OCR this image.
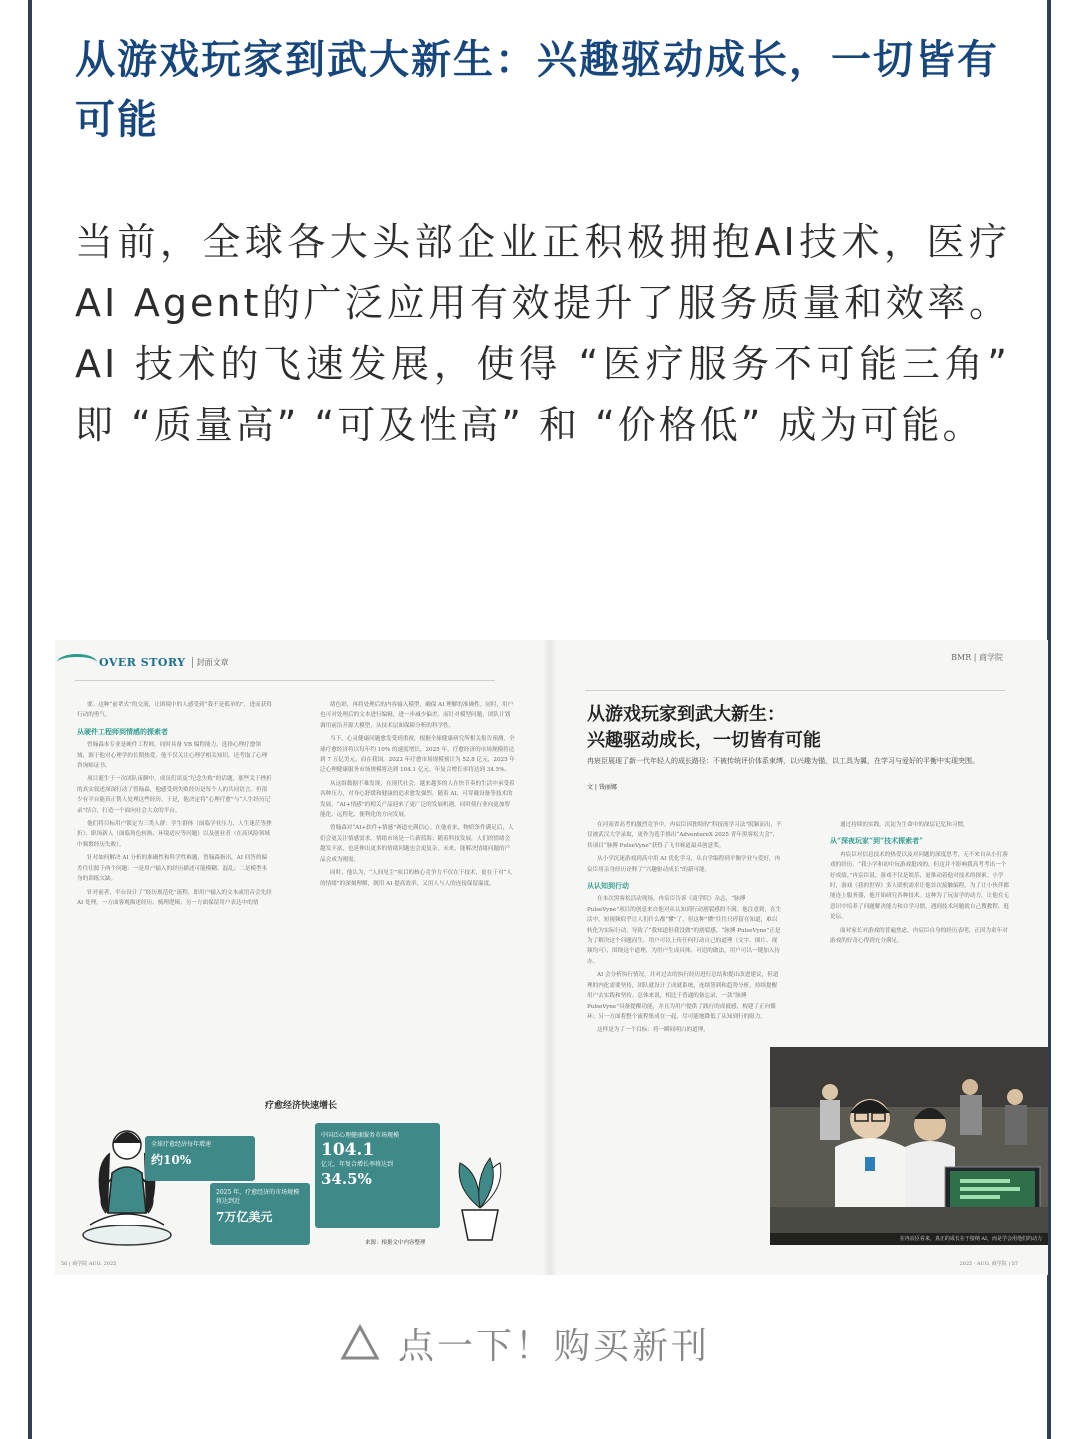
从游戏玩家到武大新生：兴趣驱动成长，一切皆有可能

当前，全球各大头部企业正积极拥抱AI技术，医疗AI Agent的广泛应用有效提升了服务质量和效率。AI 技术的飞速发展，使得 “医疗服务不可能三角” 即 “质量高” “可及性高” 和 “价格低” 成为可能。

OVER STORY	封面文章

要。这种“前辈式”的交流，让困境中的人感受到“我不是孤单的”，进而获得行动的勇气。

从硬件工程师到情感的探索者

曾翰森本专业是硬件工程师，同时具备 VB 编程能力。选择心理疗愈领域，源于他对心理学的长期热爱，他不仅关注心理学相关知识，还考取了心理咨询师证书。

项目诞生于一次团队夜聊中，成员们谈及“纪念失败”的话题。那些关于挫折的真实叙述深深打动了曾翰森，他感受到失败经历是每个人的共同语言。但很少有平台能真正帮人处理这些经历。于是，他决定将“心理疗愈”与“人生经历记录”结合，打造一个面向社会大众的平台。

他们将目标用户锁定为三类人群：学生群体（面临学业压力、人生迷茫等挫折）、职场新人（面临角色转换、环境适应等问题）以及创业者（在高风险领域中频繁经历失败）。

针对如何解决 AI 分析的准确性和科学性难题，曾翰森指出，AI 回答的偏差往往源于两个问题：一是用户输入的经历描述可能模糊、混乱；二是模型本身的训练欠缺。

针对前者，平台设计了“经历规范化”流程，即用户输入的文本或语音会先经 AI 处理。一方面客观描述经历、梳理逻辑；另一方面保留用户表达中的情

绪色彩，再将处理后的内容输入模型，确保 AI 理解的准确性。同时，用户也可对处理后的文本进行编辑，进一步减少偏差。而针对模型问题，团队计划调用前沿开源大模型，从技术层面保障分析的科学性。

当下，心灵健康问题愈发受到重视。根据全球健康研究所相关报告预测，全球疗愈经济将以每年约 10% 的速度增长，2025 年，疗愈经济的市场规模将达到 7 万亿美元。而在我国，2022 年疗愈市场规模预计为 52.8 亿元，2025 年泛心理健康服务市场规模将达到 104.1 亿元，年复合增长率将达到 34.5%。

从这组数据不难发现，在现代社会，越来越多的人在快节奏的生活中承受着各种压力，对身心舒缓和健康的追求愈发强烈。随着 AI、可穿戴设备等技术的发展，“AI+情感”的相关产品迎来了更广泛的发展机遇，同时使行业向更加智能化、远程化、便利化的方向发展。

曾翰森对“AI+软件+情感”赛道充满信心。在他看来，物质条件满足后，人们会更关注情感需求。情绪市场是一片新蓝海；随着科技发展，人们的情绪会越发丰富，也延伸出更多的情绪问题也会更复杂。未来，能解决情绪问题的产品会成为刚需。

同时，他认为，“人间见尘”项目的核心竞争力不仅在于技术，更在于对“人的情绪”的深刻理解，既用 AI 提高效率，又用人与人的连接保留温度。

疗愈经济快速增长
全球疗愈经济每年增速
约10%
2025 年，疗愈经济的市场规模将达到近
7万亿美元
中国泛心理健康服务市场规模
104.1
亿元，年复合增长率将达到
34.5%
来源：根据文中内容整理
56 | 商学院 AUG. 2025
BMR | 商学院
从游戏玩家到武大新生：
兴趣驱动成长，一切皆有可能

冉宸臣展现了新一代年轻人的成长路径：不被传统评价体系束缚，以兴趣为锚，以工具为翼，在学习与爱好的平衡中实现突围。

文 | 钱丽娜

在河南省高考的激烈竞争中，冉宸臣因独特的“科技流学习法”脱颖而出，不仅被武汉大学录取，更作为选手推出“AdventureX 2025 青年黑客松大会”，其项目“脉搏 PulseVyne”获得了飞书赛道最具创意奖。

从小学沉迷游戏到高中用 AI 优化学习，从自学编程到平衡学业与爱好，冉宸臣用亲身经历诠释了“兴趣驱动成长”的新可能。

从认知到行动

在本次黑客松活动现场，冉宸臣告诉《商学院》杂志，“脉搏 PulseVyne”项目的创意来自他对从认知到行动割裂感的不满。他注意到，在生活中，短视频似乎让人们什么都“懂”了，但这种“懂”往往只停留在知道，难以转化为实际行动，导致了“我知道但我没做”的割裂感。“脉搏 PulseVyne”正是为了解决这个问题而生。用户可以上传任何打动自己的道理（文字、图片、视频均可），围绕这个道理，为用户生成具体、可追的做法，用户可以一键加入待办。

AI 会分析执行情况，并对过去的执行经历进行总结和提出改进建议，但道理的内化需要坚持，团队就设计了成就系统，连续签到和趋势分析，持续提醒用户去实践和坚持。总体来说，相比于普通的备忘录，一款“脉搏 PulseVyne”具备提醒功能，并且为用户提供了践行的成就感，构建了正向循环；另一方面将整个流程集成在一起，尽可能地降低了从知到行的阻力。

这样是为了一个目标：将一瞬间明白的道理，

通过持续的实践，沉淀为生命中的深层记忆和习惯。

从“深夜玩家”到“技术探索者”

冉宸臣对信息技术的热爱以及对问题的深度思考，无不来自从小打游戏的经历。“我小学和初中玩游戏挺凶的，但这并不影响我高考考出一个好成绩。”冉宸臣说。游戏不仅是娱乐，更推动着他对技术的探索。小学时，游戏《我的世界》多人联机需求让他首次接触编程。为了让小伙伴都能连上服务器，他开始研究各种技术。这种为了玩而学的动力，让他在无意识中培养了问题解决能力和自学习惯，遇到技术问题就自己搜教程、逛论坛。

面对家长对游戏的普遍焦虑，冉宸臣自身的经历表明，正因为童年对游戏的好奇心得到充分满足，

在冉宸臣看来，真正的成长在于接纳 AI，而是学会用他们的动力
2025 · AUG. 商学院 | 57
点一下！购买新刊
